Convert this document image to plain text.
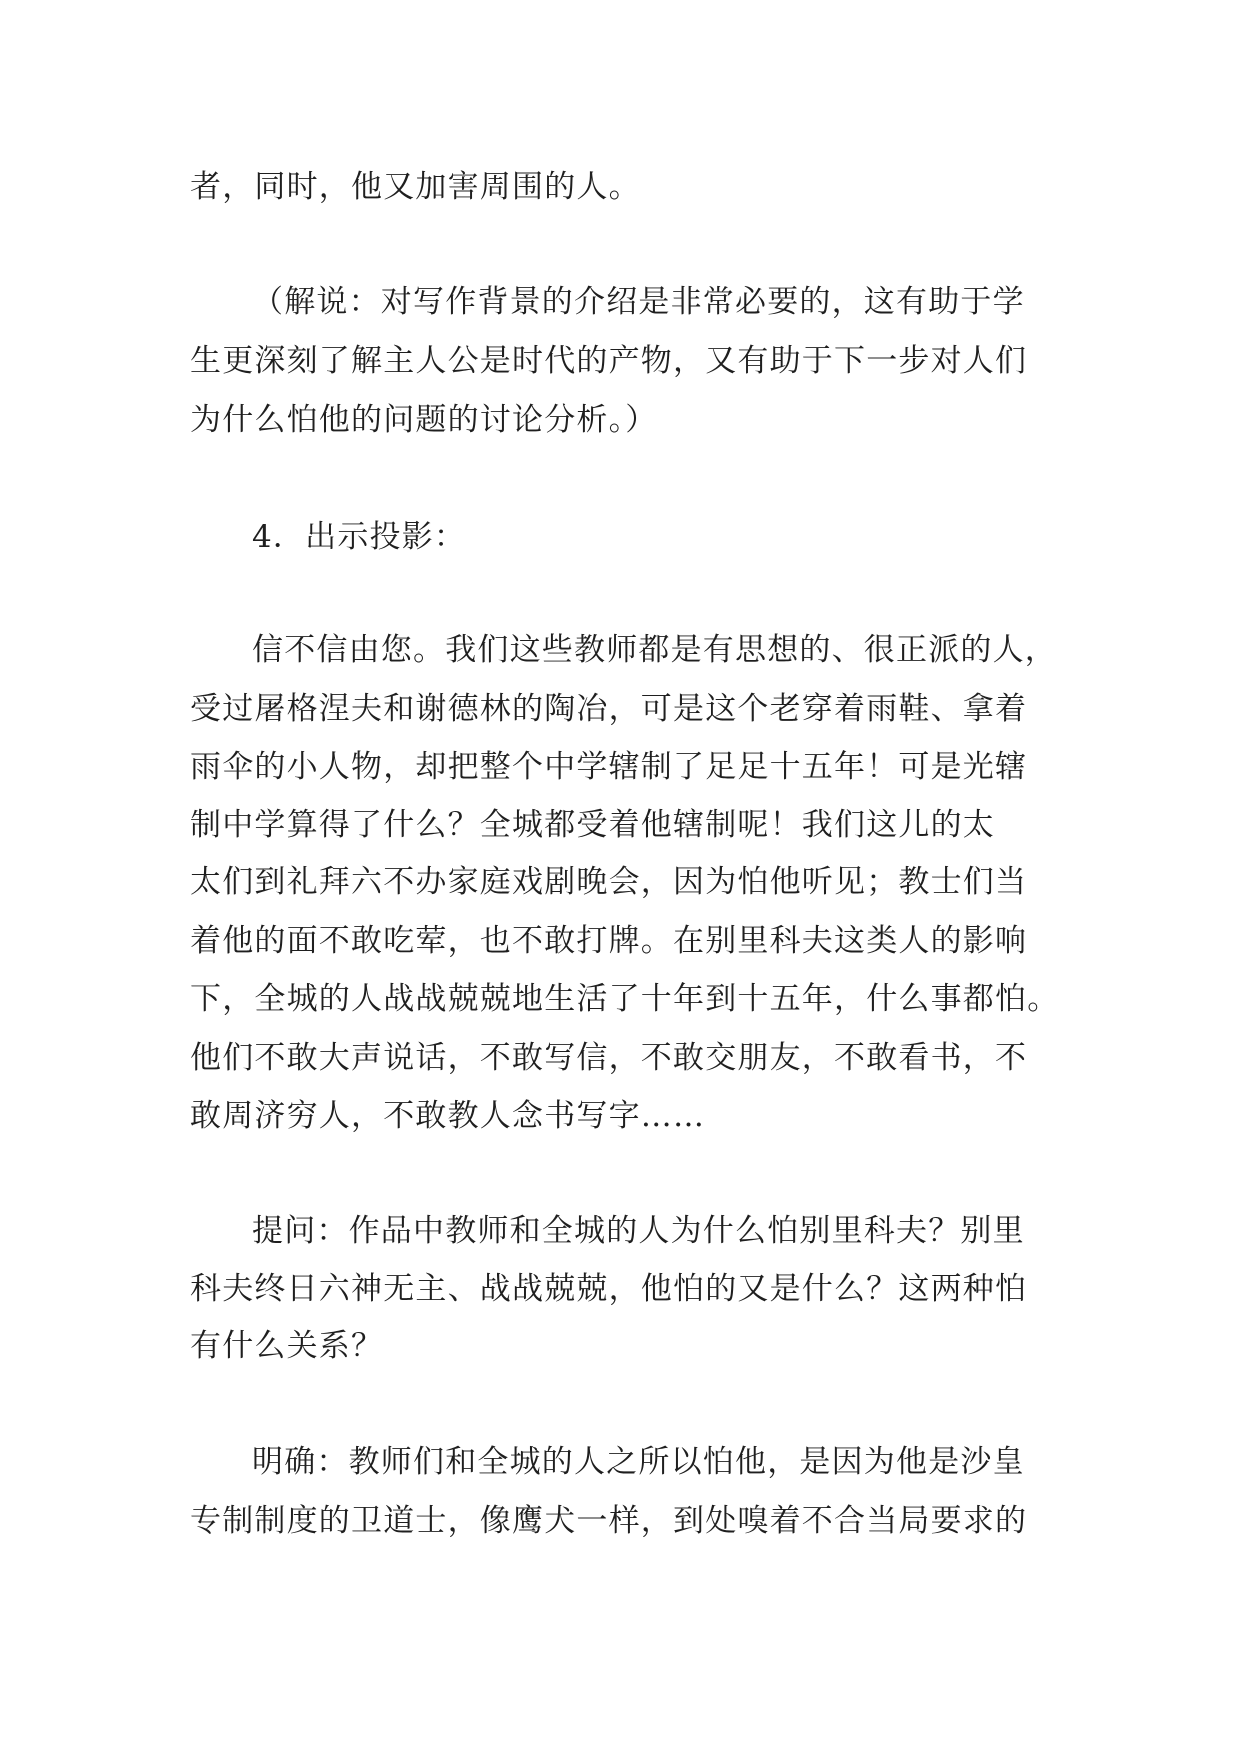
者，同时，他又加害周围的人。
（解说：对写作背景的介绍是非常必要的，这有助于学
生更深刻了解主人公是时代的产物，又有助于下一步对人们
为什么怕他的问题的讨论分析。）
4．出示投影：
信不信由您。我们这些教师都是有思想的、很正派的人，
受过屠格涅夫和谢德林的陶冶，可是这个老穿着雨鞋、拿着
雨伞的小人物，却把整个中学辖制了足足十五年！可是光辖
制中学算得了什么？全城都受着他辖制呢！我们这儿的太
太们到礼拜六不办家庭戏剧晚会，因为怕他听见；教士们当
着他的面不敢吃荤，也不敢打牌。在别里科夫这类人的影响
下，全城的人战战兢兢地生活了十年到十五年，什么事都怕。
他们不敢大声说话，不敢写信，不敢交朋友，不敢看书，不
敢周济穷人，不敢教人念书写字……
提问：作品中教师和全城的人为什么怕别里科夫？别里
科夫终日六神无主、战战兢兢，他怕的又是什么？这两种怕
有什么关系？
明确：教师们和全城的人之所以怕他，是因为他是沙皇
专制制度的卫道士，像鹰犬一样，到处嗅着不合当局要求的
